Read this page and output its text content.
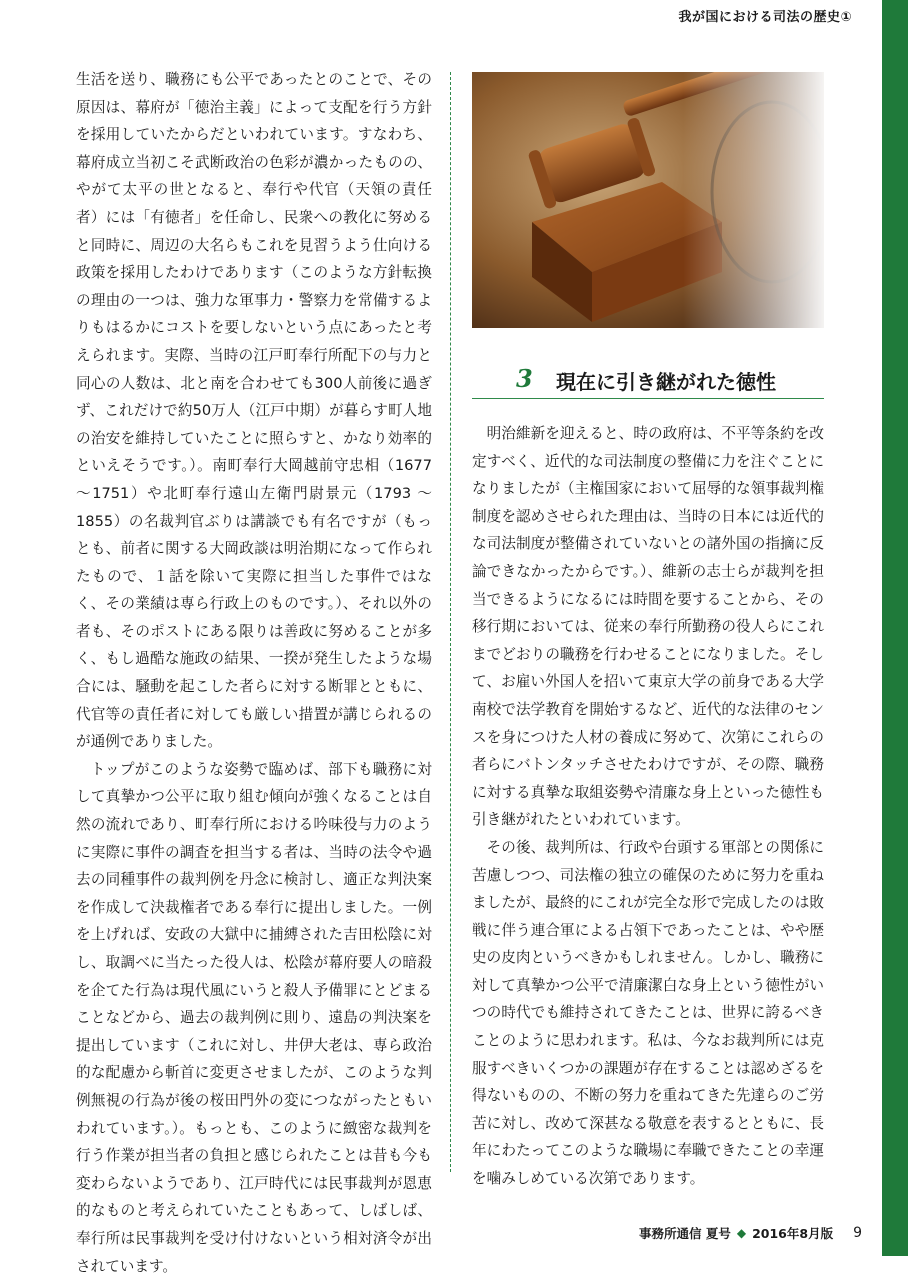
我が国における司法の歴史①

生活を送り、職務にも公平であったとのことで、その原因は、幕府が「徳治主義」によって支配を行う方針を採用していたからだといわれています。すなわち、幕府成立当初こそ武断政治の色彩が濃かったものの、やがて太平の世となると、奉行や代官（天領の責任者）には「有徳者」を任命し、民衆への教化に努めると同時に、周辺の大名らもこれを見習うよう仕向ける政策を採用したわけであります（このような方針転換の理由の一つは、強力な軍事力・警察力を常備するよりもはるかにコストを要しないという点にあったと考えられます。実際、当時の江戸町奉行所配下の与力と同心の人数は、北と南を合わせても300人前後に過ぎず、これだけで約50万人（江戸中期）が暮らす町人地の治安を維持していたことに照らすと、かなり効率的といえそうです。）。南町奉行大岡越前守忠相（1677 ～1751）や北町奉行遠山左衛門尉景元（1793 ～1855）の名裁判官ぶりは講談でも有名ですが（もっとも、前者に関する大岡政談は明治期になって作られたもので、１話を除いて実際に担当した事件ではなく、その業績は専ら行政上のものです。）、それ以外の者も、そのポストにある限りは善政に努めることが多く、もし過酷な施政の結果、一揆が発生したような場合には、騒動を起こした者らに対する断罪とともに、代官等の責任者に対しても厳しい措置が講じられるのが通例でありました。

トップがこのような姿勢で臨めば、部下も職務に対して真摯かつ公平に取り組む傾向が強くなることは自然の流れであり、町奉行所における吟味役与力のように実際に事件の調査を担当する者は、当時の法令や過去の同種事件の裁判例を丹念に検討し、適正な判決案を作成して決裁権者である奉行に提出しました。一例を上げれば、安政の大獄中に捕縛された吉田松陰に対し、取調べに当たった役人は、松陰が幕府要人の暗殺を企てた行為は現代風にいうと殺人予備罪にとどまることなどから、過去の裁判例に則り、遠島の判決案を提出しています（これに対し、井伊大老は、専ら政治的な配慮から斬首に変更させましたが、このような判例無視の行為が後の桜田門外の変につながったともいわれています。）。もっとも、このように緻密な裁判を行う作業が担当者の負担と感じられたことは昔も今も変わらないようであり、江戸時代には民事裁判が恩恵的なものと考えられていたこともあって、しばしば、奉行所は民事裁判を受け付けないという相対済令が出されています。

3 現在に引き継がれた徳性

明治維新を迎えると、時の政府は、不平等条約を改定すべく、近代的な司法制度の整備に力を注ぐことになりましたが（主権国家において屈辱的な領事裁判権制度を認めさせられた理由は、当時の日本には近代的な司法制度が整備されていないとの諸外国の指摘に反論できなかったからです。）、維新の志士らが裁判を担当できるようになるには時間を要することから、その移行期においては、従来の奉行所勤務の役人らにこれまでどおりの職務を行わせることになりました。そして、お雇い外国人を招いて東京大学の前身である大学南校で法学教育を開始するなど、近代的な法律のセンスを身につけた人材の養成に努めて、次第にこれらの者らにバトンタッチさせたわけですが、その際、職務に対する真摯な取組姿勢や清廉な身上といった徳性も引き継がれたといわれています。

その後、裁判所は、行政や台頭する軍部との関係に苦慮しつつ、司法権の独立の確保のために努力を重ねましたが、最終的にこれが完全な形で完成したのは敗戦に伴う連合軍による占領下であったことは、やや歴史の皮肉というべきかもしれません。しかし、職務に対して真摯かつ公平で清廉潔白な身上という徳性がいつの時代でも維持されてきたことは、世界に誇るべきことのように思われます。私は、今なお裁判所には克服すべきいくつかの課題が存在することは認めざるを得ないものの、不断の努力を重ねてきた先達らのご労苦に対し、改めて深甚なる敬意を表するとともに、長年にわたってこのような職場に奉職できたことの幸運を噛みしめている次第であります。

事務所通信 夏号 ◆ 2016年8月版 9
